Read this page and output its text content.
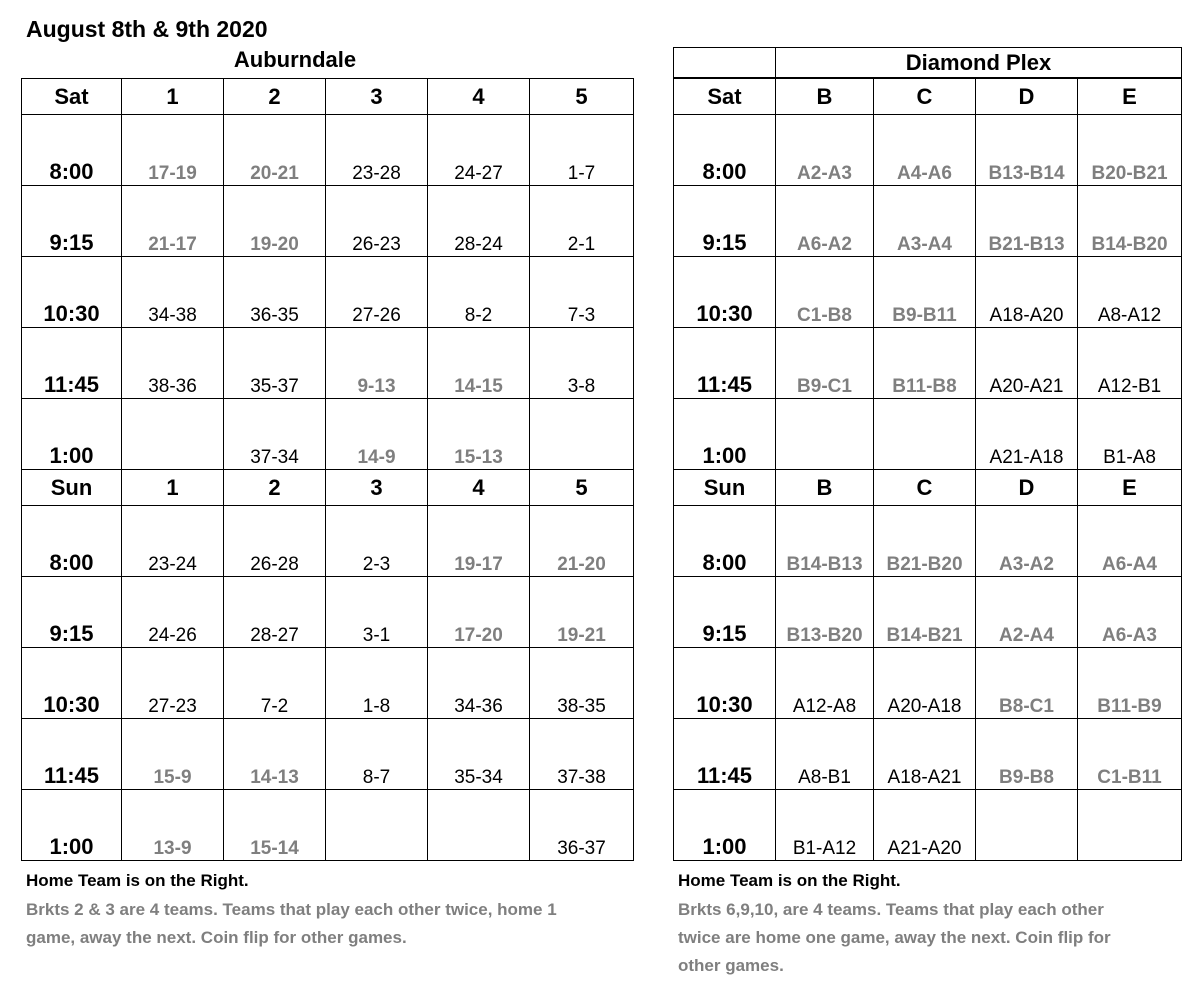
August 8th & 9th 2020
Auburndale
Sat	1	2	3	4	5
8:00	17-19	20-21	23-28	24-27	1-7
9:15	21-17	19-20	26-23	28-24	2-1
10:30	34-38	36-35	27-26	8-2	7-3
11:45	38-36	35-37	9-13	14-15	3-8
1:00		37-34	14-9	15-13	
Sun	1	2	3	4	5
8:00	23-24	26-28	2-3	19-17	21-20
9:15	24-26	28-27	3-1	17-20	19-21
10:30	27-23	7-2	1-8	34-36	38-35
11:45	15-9	14-13	8-7	35-34	37-38
1:00	13-9	15-14			36-37
	Diamond Plex
Sat	B	C	D	E
8:00	A2-A3	A4-A6	B13-B14	B20-B21
9:15	A6-A2	A3-A4	B21-B13	B14-B20
10:30	C1-B8	B9-B11	A18-A20	A8-A12
11:45	B9-C1	B11-B8	A20-A21	A12-B1
1:00			A21-A18	B1-A8
Sun	B	C	D	E
8:00	B14-B13	B21-B20	A3-A2	A6-A4
9:15	B13-B20	B14-B21	A2-A4	A6-A3
10:30	A12-A8	A20-A18	B8-C1	B11-B9
11:45	A8-B1	A18-A21	B9-B8	C1-B11
1:00	B1-A12	A21-A20		
Home Team is on the Right.
Brkts 2 & 3 are 4 teams. Teams that play each other twice, home 1
game, away the next. Coin flip for other games.
Home Team is on the Right.
Brkts 6,9,10, are 4 teams. Teams that play each other
twice are home one game, away the next. Coin flip for
other games.
